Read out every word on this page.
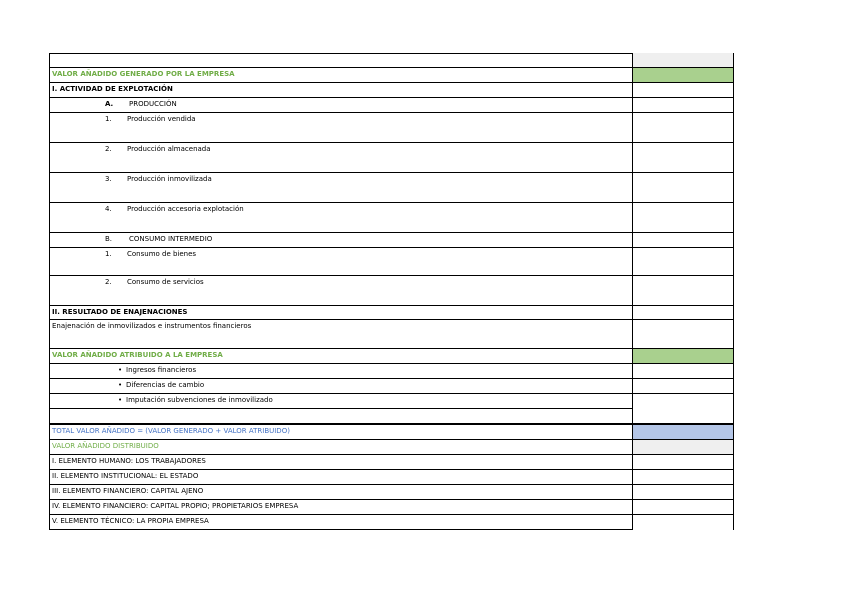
VALOR AÑADIDO GENERADO POR LA EMPRESA
I. ACTIVIDAD DE EXPLOTACIÓN
A. PRODUCCIÓN
1. Producción vendida
2. Producción almacenada
3. Producción inmovilizada
4. Producción accesoria explotación
B. CONSUMO INTERMEDIO
1. Consumo de bienes
2. Consumo de servicios
II. RESULTADO DE ENAJENACIONES
Enajenación de inmovilizados e instrumentos financieros
VALOR AÑADIDO ATRIBUIDO A LA EMPRESA
• Ingresos financieros
• Diferencias de cambio
• Imputación subvenciones de inmovilizado
TOTAL VALOR AÑADIDO = (VALOR GENERADO + VALOR ATRIBUIDO)
VALOR AÑADIDO DISTRIBUIDO
I. ELEMENTO HUMANO: LOS TRABAJADORES
II. ELEMENTO INSTITUCIONAL: EL ESTADO
III. ELEMENTO FINANCIERO: CAPITAL AJENO
IV. ELEMENTO FINANCIERO: CAPITAL PROPIO; PROPIETARIOS EMPRESA
V. ELEMENTO TÉCNICO: LA PROPIA EMPRESA
